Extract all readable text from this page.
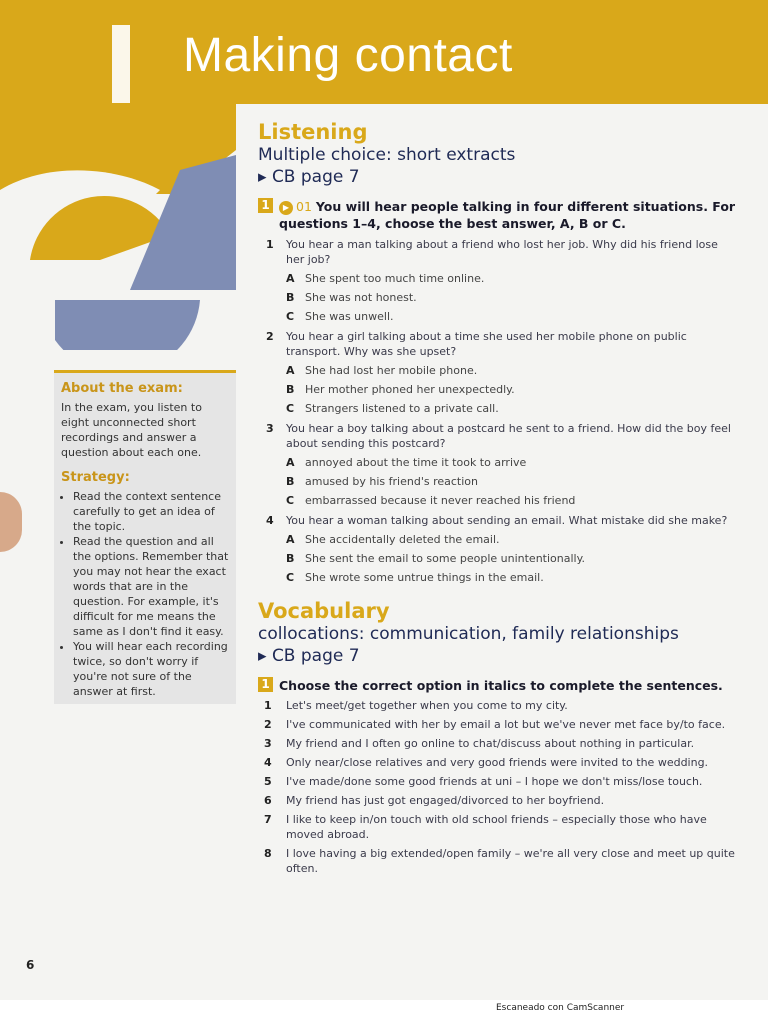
Making contact
About the exam:

In the exam, you listen to eight unconnected short recordings and answer a question about each one.

Strategy:
• Read the context sentence carefully to get an idea of the topic.
• Read the question and all the options. Remember that you may not hear the exact words that are in the question. For example, it's difficult for me means the same as I don't find it easy.
• You will hear each recording twice, so don't worry if you're not sure of the answer at first.
Listening
Multiple choice: short extracts
▸ CB page 7
1	▶ 01 You will hear people talking in four different situations. For questions 1–4, choose the best answer, A, B or C.
1	You hear a man talking about a friend who lost her job. Why did his friend lose her job?
A She spent too much time online.
B She was not honest.
C She was unwell.
2	You hear a girl talking about a time she used her mobile phone on public transport. Why was she upset?
A She had lost her mobile phone.
B Her mother phoned her unexpectedly.
C Strangers listened to a private call.
3	You hear a boy talking about a postcard he sent to a friend. How did the boy feel about sending this postcard?
A annoyed about the time it took to arrive
B amused by his friend's reaction
C embarrassed because it never reached his friend
4	You hear a woman talking about sending an email. What mistake did she make?
A She accidentally deleted the email.
B She sent the email to some people unintentionally.
C She wrote some untrue things in the email.
Vocabulary
collocations: communication, family relationships
▸ CB page 7
1 Choose the correct option in italics to complete the sentences.
1	Let's meet/get together when you come to my city.
2	I've communicated with her by email a lot but we've never met face by/to face.
3	My friend and I often go online to chat/discuss about nothing in particular.
4	Only near/close relatives and very good friends were invited to the wedding.
5	I've made/done some good friends at uni – I hope we don't miss/lose touch.
6	My friend has just got engaged/divorced to her boyfriend.
7	I like to keep in/on touch with old school friends – especially those who have moved abroad.
8	I love having a big extended/open family – we're all very close and meet up quite often.
6
Escaneado con CamScanner
